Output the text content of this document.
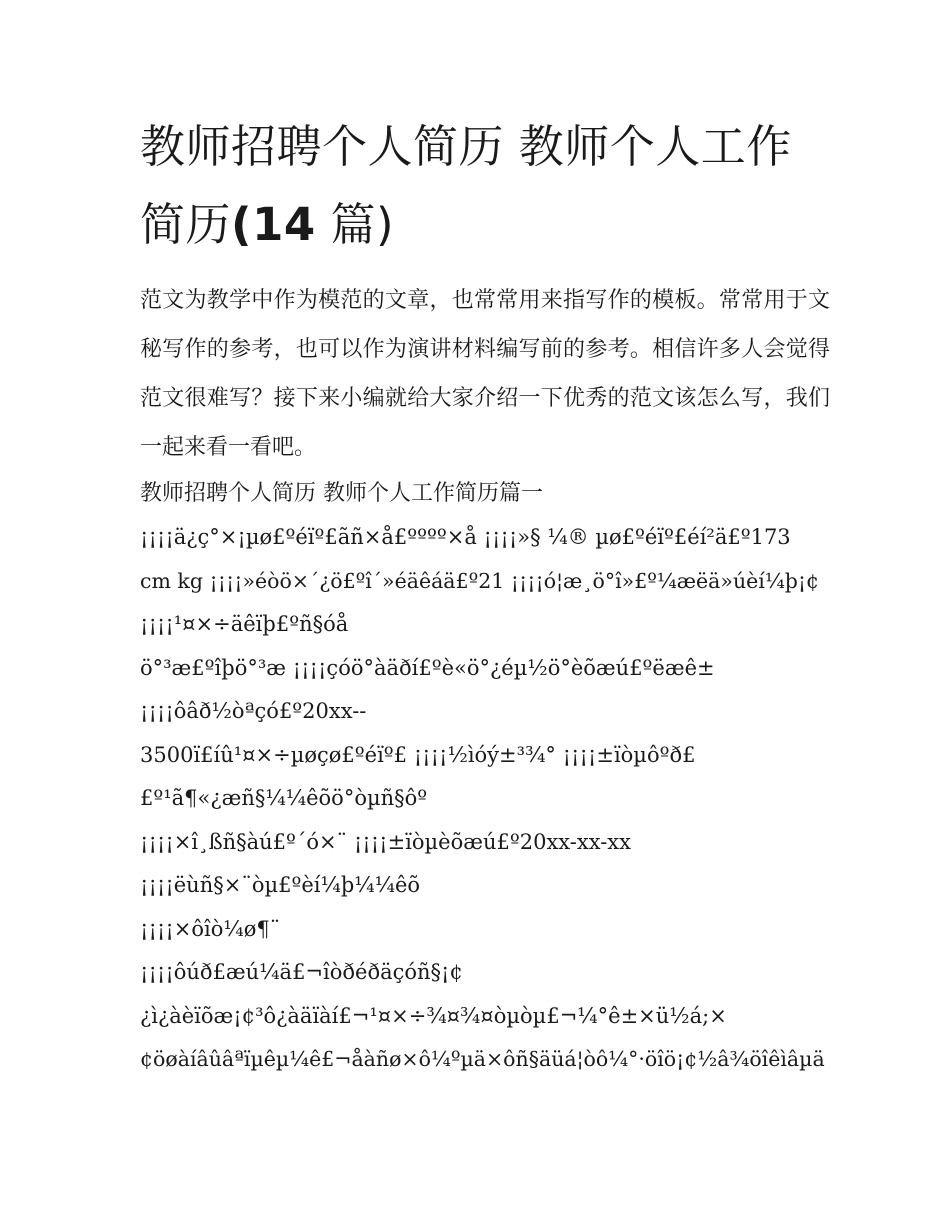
教师招聘个人简历 教师个人工作简历(14 篇)

范文为教学中作为模范的文章，也常常用来指写作的模板。常常用于文秘写作的参考，也可以作为演讲材料编写前的参考。相信许多人会觉得范文很难写？接下来小编就给大家介绍一下优秀的范文该怎么写，我们一起来看一看吧。

教师招聘个人简历 教师个人工作简历篇一

¡¡¡¡ä¿ç°×¡µø£ºéïº£ãñ×å£ºººº×å ¡¡¡¡»§ ¼® µø£ºéïº£éí²ä£º173

cm kg ¡¡¡¡»éòö×´¿ö£ºî´»éäêáä£º21 ¡¡¡¡ó¦æ¸ö°î»£º¼æëä»úèí¼þ¡¢

¡¡¡¡¹¤×÷äêïþ£ºñ§óå

ö°³æ£ºîþö°³æ ¡¡¡¡çóö°àäðí£ºè«ö°¿éµ½ö°èõæú£ºëæê±

¡¡¡¡ôâð½òªçó£º20xx--

3500ï£íû¹¤×÷µøçø£ºéïº£ ¡¡¡¡½ìóý±³¾° ¡¡¡¡±ïòµôºð£

£º¹ã¶«¿æñ§¼¼êõö°òµñ§ôº

¡¡¡¡×î¸ßñ§àú£º´ó×¨ ¡¡¡¡±ïòµèõæú£º20xx-xx-xx

¡¡¡¡ëùñ§×¨òµ£ºèí¼þ¼¼êõ

¡¡¡¡×ôîò¼ø¶¨

¡¡¡¡ôúð£æú¼ä£¬îòðéðäçóñ§¡¢

¿ì¿àèïõæ¡¢³ô¿àäïàí£¬¹¤×÷¾¤¾¤òµòµ£¬¼°ê±×ü½á;×

¢öøàíâûâªïµêµ¼ê£¬åàñø×ô¼ºµä×ôñ§äüá¦òô¼°·öîö¡¢½â¾öîêìâµä
